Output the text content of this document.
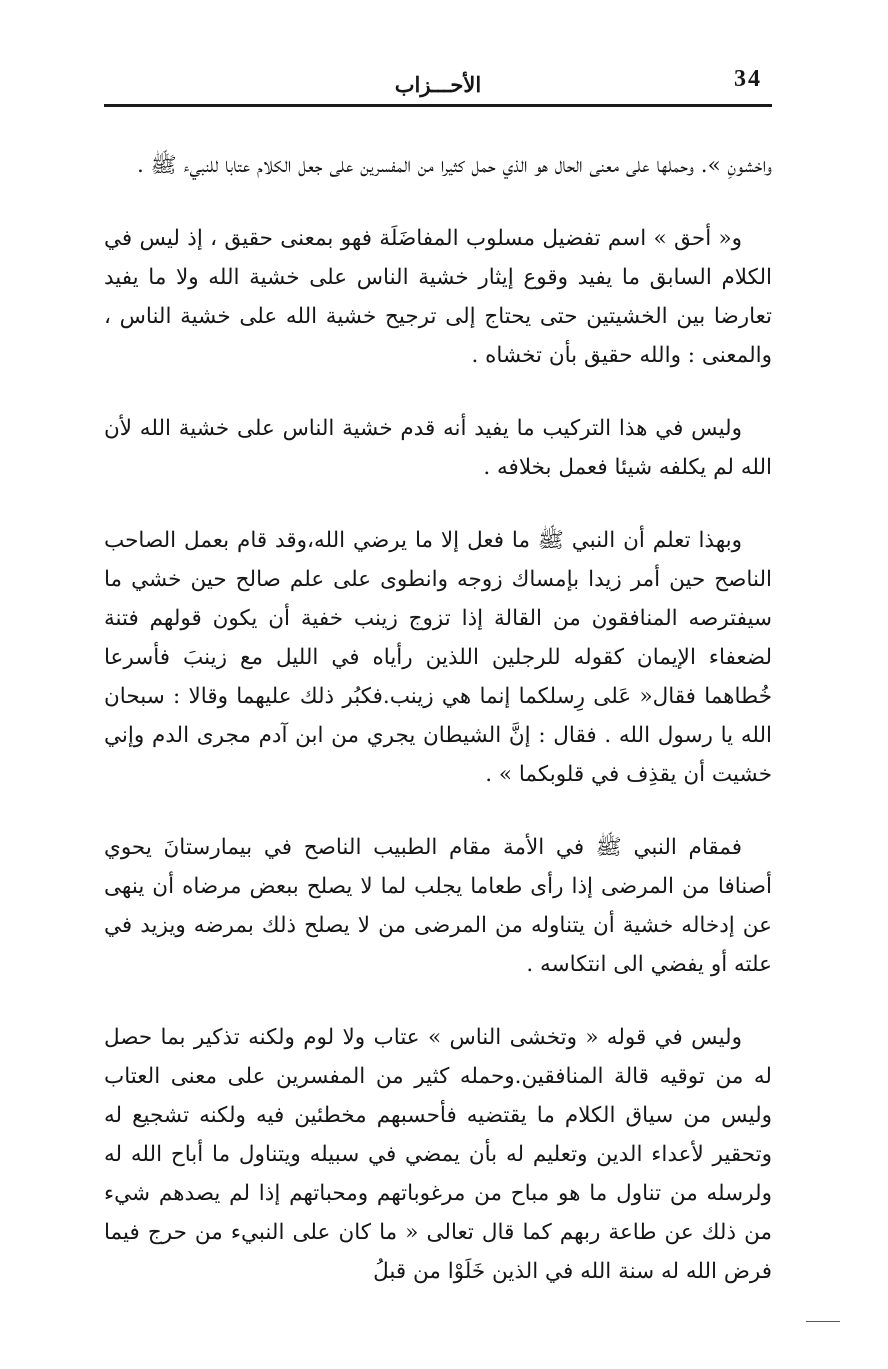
34
الأحـــزاب

واخشونِ ». وحملها على معنى الحال هو الذي حمل كثيرا من المفسرين على جعل الكلام عتابا للنبيء ﷺ .

و« أحق » اسم تفضيل مسلوب المفاضَلَة فهو بمعنى حقيق ، إذ ليس في الكلام السابق ما يفيد وقوع إيثار خشية الناس على خشية الله ولا ما يفيد تعارضا بين الخشيتين حتى يحتاج إلى ترجيح خشية الله على خشية الناس ، والمعنى : والله حقيق بأن تخشاه .

وليس في هذا التركيب ما يفيد أنه قدم خشية الناس على خشية الله لأن الله لم يكلفه شيئا فعمل بخلافه .

وبهذا تعلم أن النبي ﷺ ما فعل إلا ما يرضي الله،وقد قام بعمل الصاحب الناصح حين أمر زيدا بإمساك زوجه وانطوى على علم صالح حين خشي ما سيفترصه المنافقون من القالة إذا تزوج زينب خفية أن يكون قولهم فتنة لضعفاء الإيمان كقوله للرجلين اللذين رأياه في الليل مع زينبَ فأسرعا خُطاهما فقال« عَلى رِسلكما إنما هي زينب.فكبُر ذلك عليهما وقالا : سبحان الله يا رسول الله . فقال : إنَّ الشيطان يجري من ابن آدم مجرى الدم وإني خشيت أن يقذِف في قلوبكما » .

فمقام النبي ﷺ في الأمة مقام الطبيب الناصح في بيمارستانَ يحوي أصنافا من المرضى إذا رأى طعاما يجلب لما لا يصلح ببعض مرضاه أن ينهى عن إدخاله خشية أن يتناوله من المرضى من لا يصلح ذلك بمرضه ويزيد في علته أو يفضي الى انتكاسه .

وليس في قوله « وتخشى الناس » عتاب ولا لوم ولكنه تذكير بما حصل له من توقيه قالة المنافقين.وحمله كثير من المفسرين على معنى العتاب وليس من سياق الكلام ما يقتضيه فأحسبهم مخطئين فيه ولكنه تشجيع له وتحقير لأعداء الدين وتعليم له بأن يمضي في سبيله ويتناول ما أباح الله له ولرسله من تناول ما هو مباح من مرغوباتهم ومحباتهم إذا لم يصدهم شيء من ذلك عن طاعة ربهم كما قال تعالى « ما كان على النبيء من حرج فيما فرض الله له سنة الله في الذين خَلَوْا من قبلُ
